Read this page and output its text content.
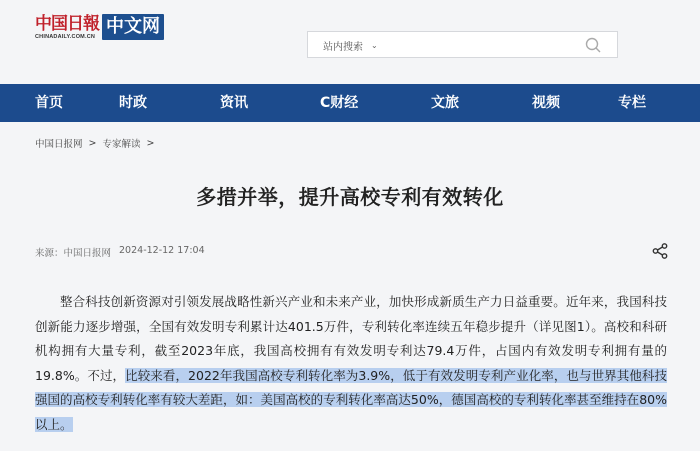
中国日報
CHINADAILY.COM.CN 中文网
站内搜索 ⌄
首页	时政	资讯	C财经	文旅	视频	专栏
中国日报网 > 专家解读 >
多措并举，提升高校专利有效转化
来源：中国日报网 2024-12-12 17:04

整合科技创新资源对引领发展战略性新兴产业和未来产业，加快形成新质生产力日益重要。近年来，我国科技创新能力逐步增强，全国有效发明专利累计达401.5万件，专利转化率连续五年稳步提升（详见图1）。高校和科研机构拥有大量专利，截至2023年底，我国高校拥有有效发明专利达79.4万件，占国内有效发明专利拥有量的19.8%。不过，比较来看，2022年我国高校专利转化率为3.9%，低于有效发明专利产业化率，也与世界其他科技强国的高校专利转化率有较大差距，如：美国高校的专利转化率高达50%，德国高校的专利转化率甚至维持在80%以上。
